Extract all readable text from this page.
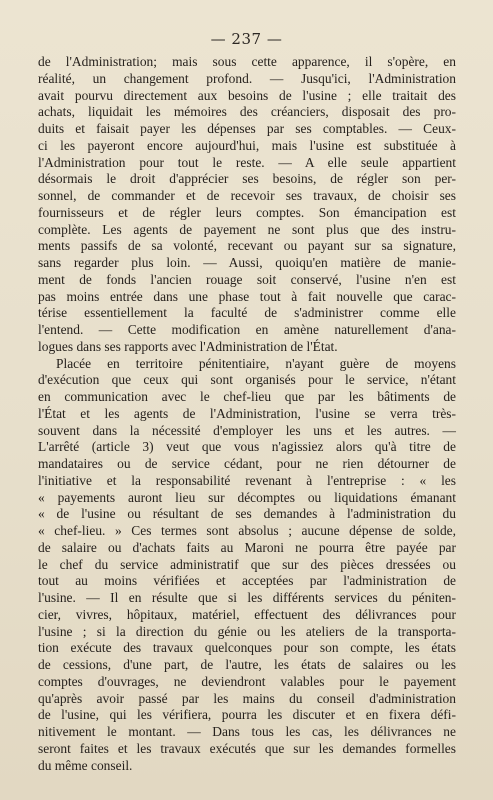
— 237 —
de l'Administration; mais sous cette apparence, il s'opère, en
réalité, un changement profond. — Jusqu'ici, l'Administration
avait pourvu directement aux besoins de l'usine ; elle traitait des
achats, liquidait les mémoires des créanciers, disposait des pro-
duits et faisait payer les dépenses par ses comptables. — Ceux-
ci les payeront encore aujourd'hui, mais l'usine est substituée à
l'Administration pour tout le reste. — A elle seule appartient
désormais le droit d'apprécier ses besoins, de régler son per-
sonnel, de commander et de recevoir ses travaux, de choisir ses
fournisseurs et de régler leurs comptes. Son émancipation est
complète. Les agents de payement ne sont plus que des instru-
ments passifs de sa volonté, recevant ou payant sur sa signature,
sans regarder plus loin. — Aussi, quoiqu'en matière de manie-
ment de fonds l'ancien rouage soit conservé, l'usine n'en est
pas moins entrée dans une phase tout à fait nouvelle que carac-
térise essentiellement la faculté de s'administrer comme elle
l'entend. — Cette modification en amène naturellement d'ana-
logues dans ses rapports avec l'Administration de l'État.
Placée en territoire pénitentiaire, n'ayant guère de moyens
d'exécution que ceux qui sont organisés pour le service, n'étant
en communication avec le chef-lieu que par les bâtiments de
l'État et les agents de l'Administration, l'usine se verra très-
souvent dans la nécessité d'employer les uns et les autres. —
L'arrêté (article 3) veut que vous n'agissiez alors qu'à titre de
mandataires ou de service cédant, pour ne rien détourner de
l'initiative et la responsabilité revenant à l'entreprise : « les
« payements auront lieu sur décomptes ou liquidations émanant
« de l'usine ou résultant de ses demandes à l'administration du
« chef-lieu. » Ces termes sont absolus ; aucune dépense de solde,
de salaire ou d'achats faits au Maroni ne pourra être payée par
le chef du service administratif que sur des pièces dressées ou
tout au moins vérifiées et acceptées par l'administration de
l'usine. — Il en résulte que si les différents services du péniten-
cier, vivres, hôpitaux, matériel, effectuent des délivrances pour
l'usine ; si la direction du génie ou les ateliers de la transporta-
tion exécute des travaux quelconques pour son compte, les états
de cessions, d'une part, de l'autre, les états de salaires ou les
comptes d'ouvrages, ne deviendront valables pour le payement
qu'après avoir passé par les mains du conseil d'administration
de l'usine, qui les vérifiera, pourra les discuter et en fixera défi-
nitivement le montant. — Dans tous les cas, les délivrances ne
seront faites et les travaux exécutés que sur les demandes formelles
du même conseil.
